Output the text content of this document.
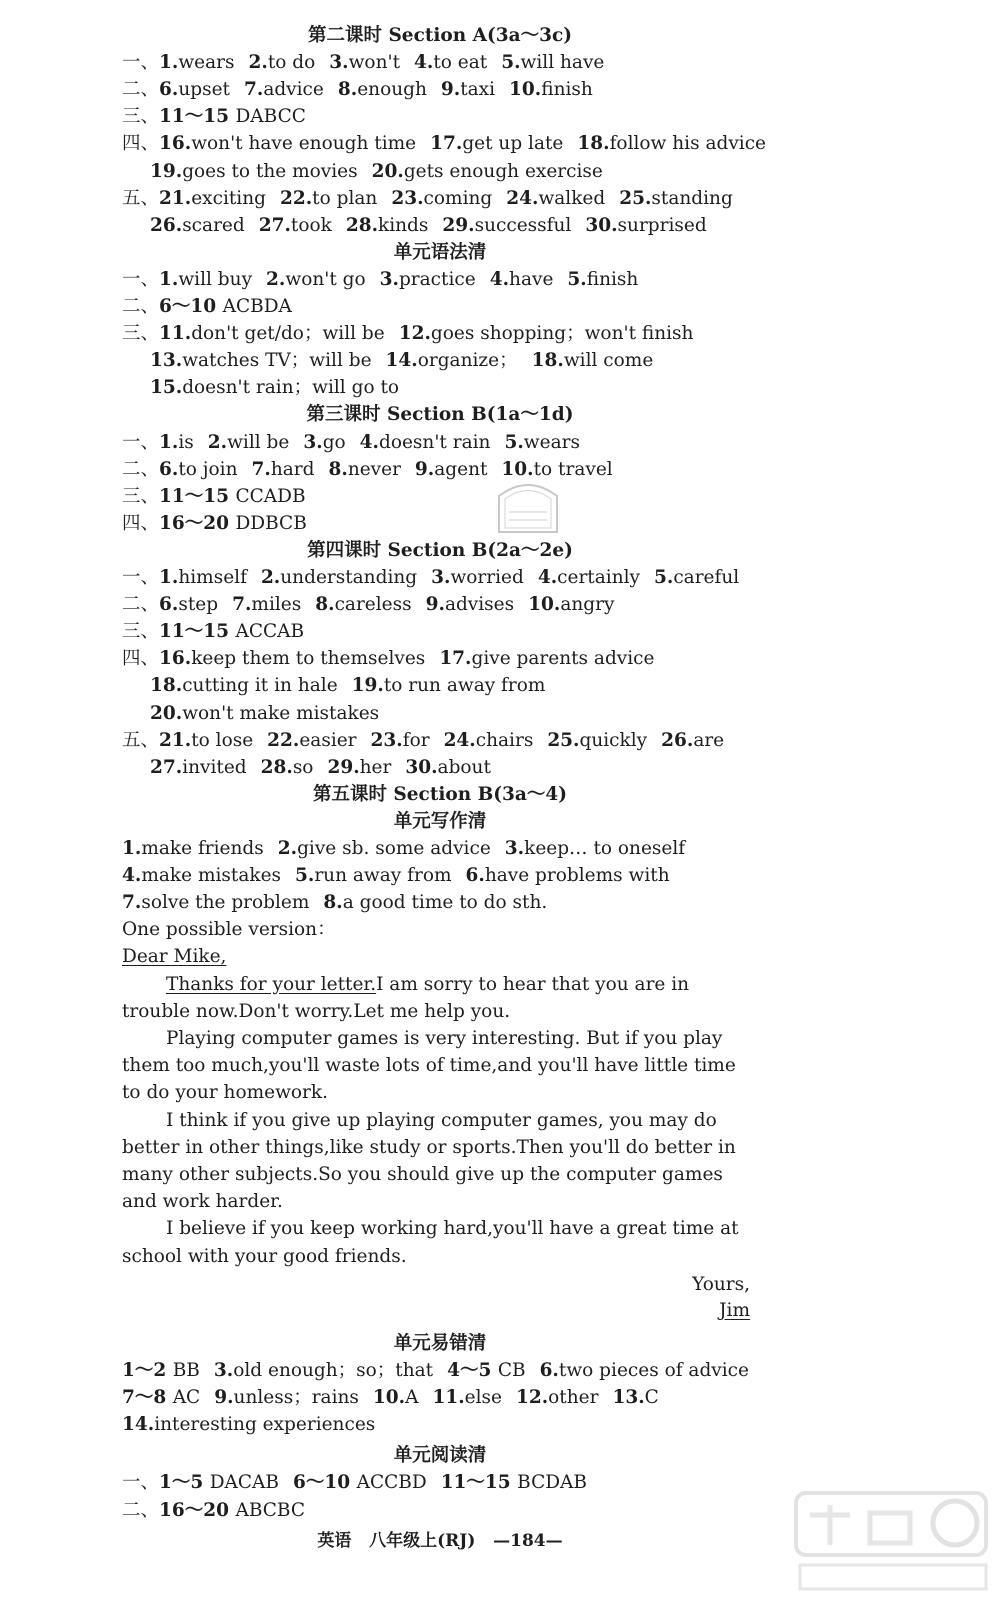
第二课时 Section A(3a～3c)
一、1.wears 2.to do 3.won't 4.to eat 5.will have
二、6.upset 7.advice 8.enough 9.taxi 10.finish
三、11～15 DABCC
四、16.won't have enough time 17.get up late 18.follow his advice
19.goes to the movies 20.gets enough exercise
五、21.exciting 22.to plan 23.coming 24.walked 25.standing
26.scared 27.took 28.kinds 29.successful 30.surprised
单元语法清
一、1.will buy 2.won't go 3.practice 4.have 5.finish
二、6～10 ACBDA
三、11.don't get/do；will be 12.goes shopping；won't finish
13.watches TV；will be 14.organize； 18.will come
15.doesn't rain；will go to
第三课时 Section B(1a～1d)
一、1.is 2.will be 3.go 4.doesn't rain 5.wears
二、6.to join 7.hard 8.never 9.agent 10.to travel
三、11～15 CCADB
四、16～20 DDBCB
第四课时 Section B(2a～2e)
一、1.himself 2.understanding 3.worried 4.certainly 5.careful
二、6.step 7.miles 8.careless 9.advises 10.angry
三、11～15 ACCAB
四、16.keep them to themselves 17.give parents advice
18.cutting it in hale 19.to run away from
20.won't make mistakes
五、21.to lose 22.easier 23.for 24.chairs 25.quickly 26.are
27.invited 28.so 29.her 30.about
第五课时 Section B(3a～4)
单元写作清
1.make friends 2.give sb. some advice 3.keep… to oneself
4.make mistakes 5.run away from 6.have problems with
7.solve the problem 8.a good time to do sth.
One possible version：
Dear Mike,
Thanks for your letter.I am sorry to hear that you are in trouble now.Don't worry.Let me help you.
Playing computer games is very interesting. But if you play them too much,you'll waste lots of time,and you'll have little time to do your homework.
I think if you give up playing computer games, you may do better in other things,like study or sports.Then you'll do better in many other subjects.So you should give up the computer games and work harder.
I believe if you keep working hard,you'll have a great time at school with your good friends.
Yours,
Jim
单元易错清
1～2 BB 3.old enough；so；that 4～5 CB 6.two pieces of advice
7～8 AC 9.unless；rains 10.A 11.else 12.other 13.C
14.interesting experiences
单元阅读清
一、1～5 DACAB 6～10 ACCBD 11～15 BCDAB
二、16～20 ABCBC
英语 八年级上(RJ) —184—
